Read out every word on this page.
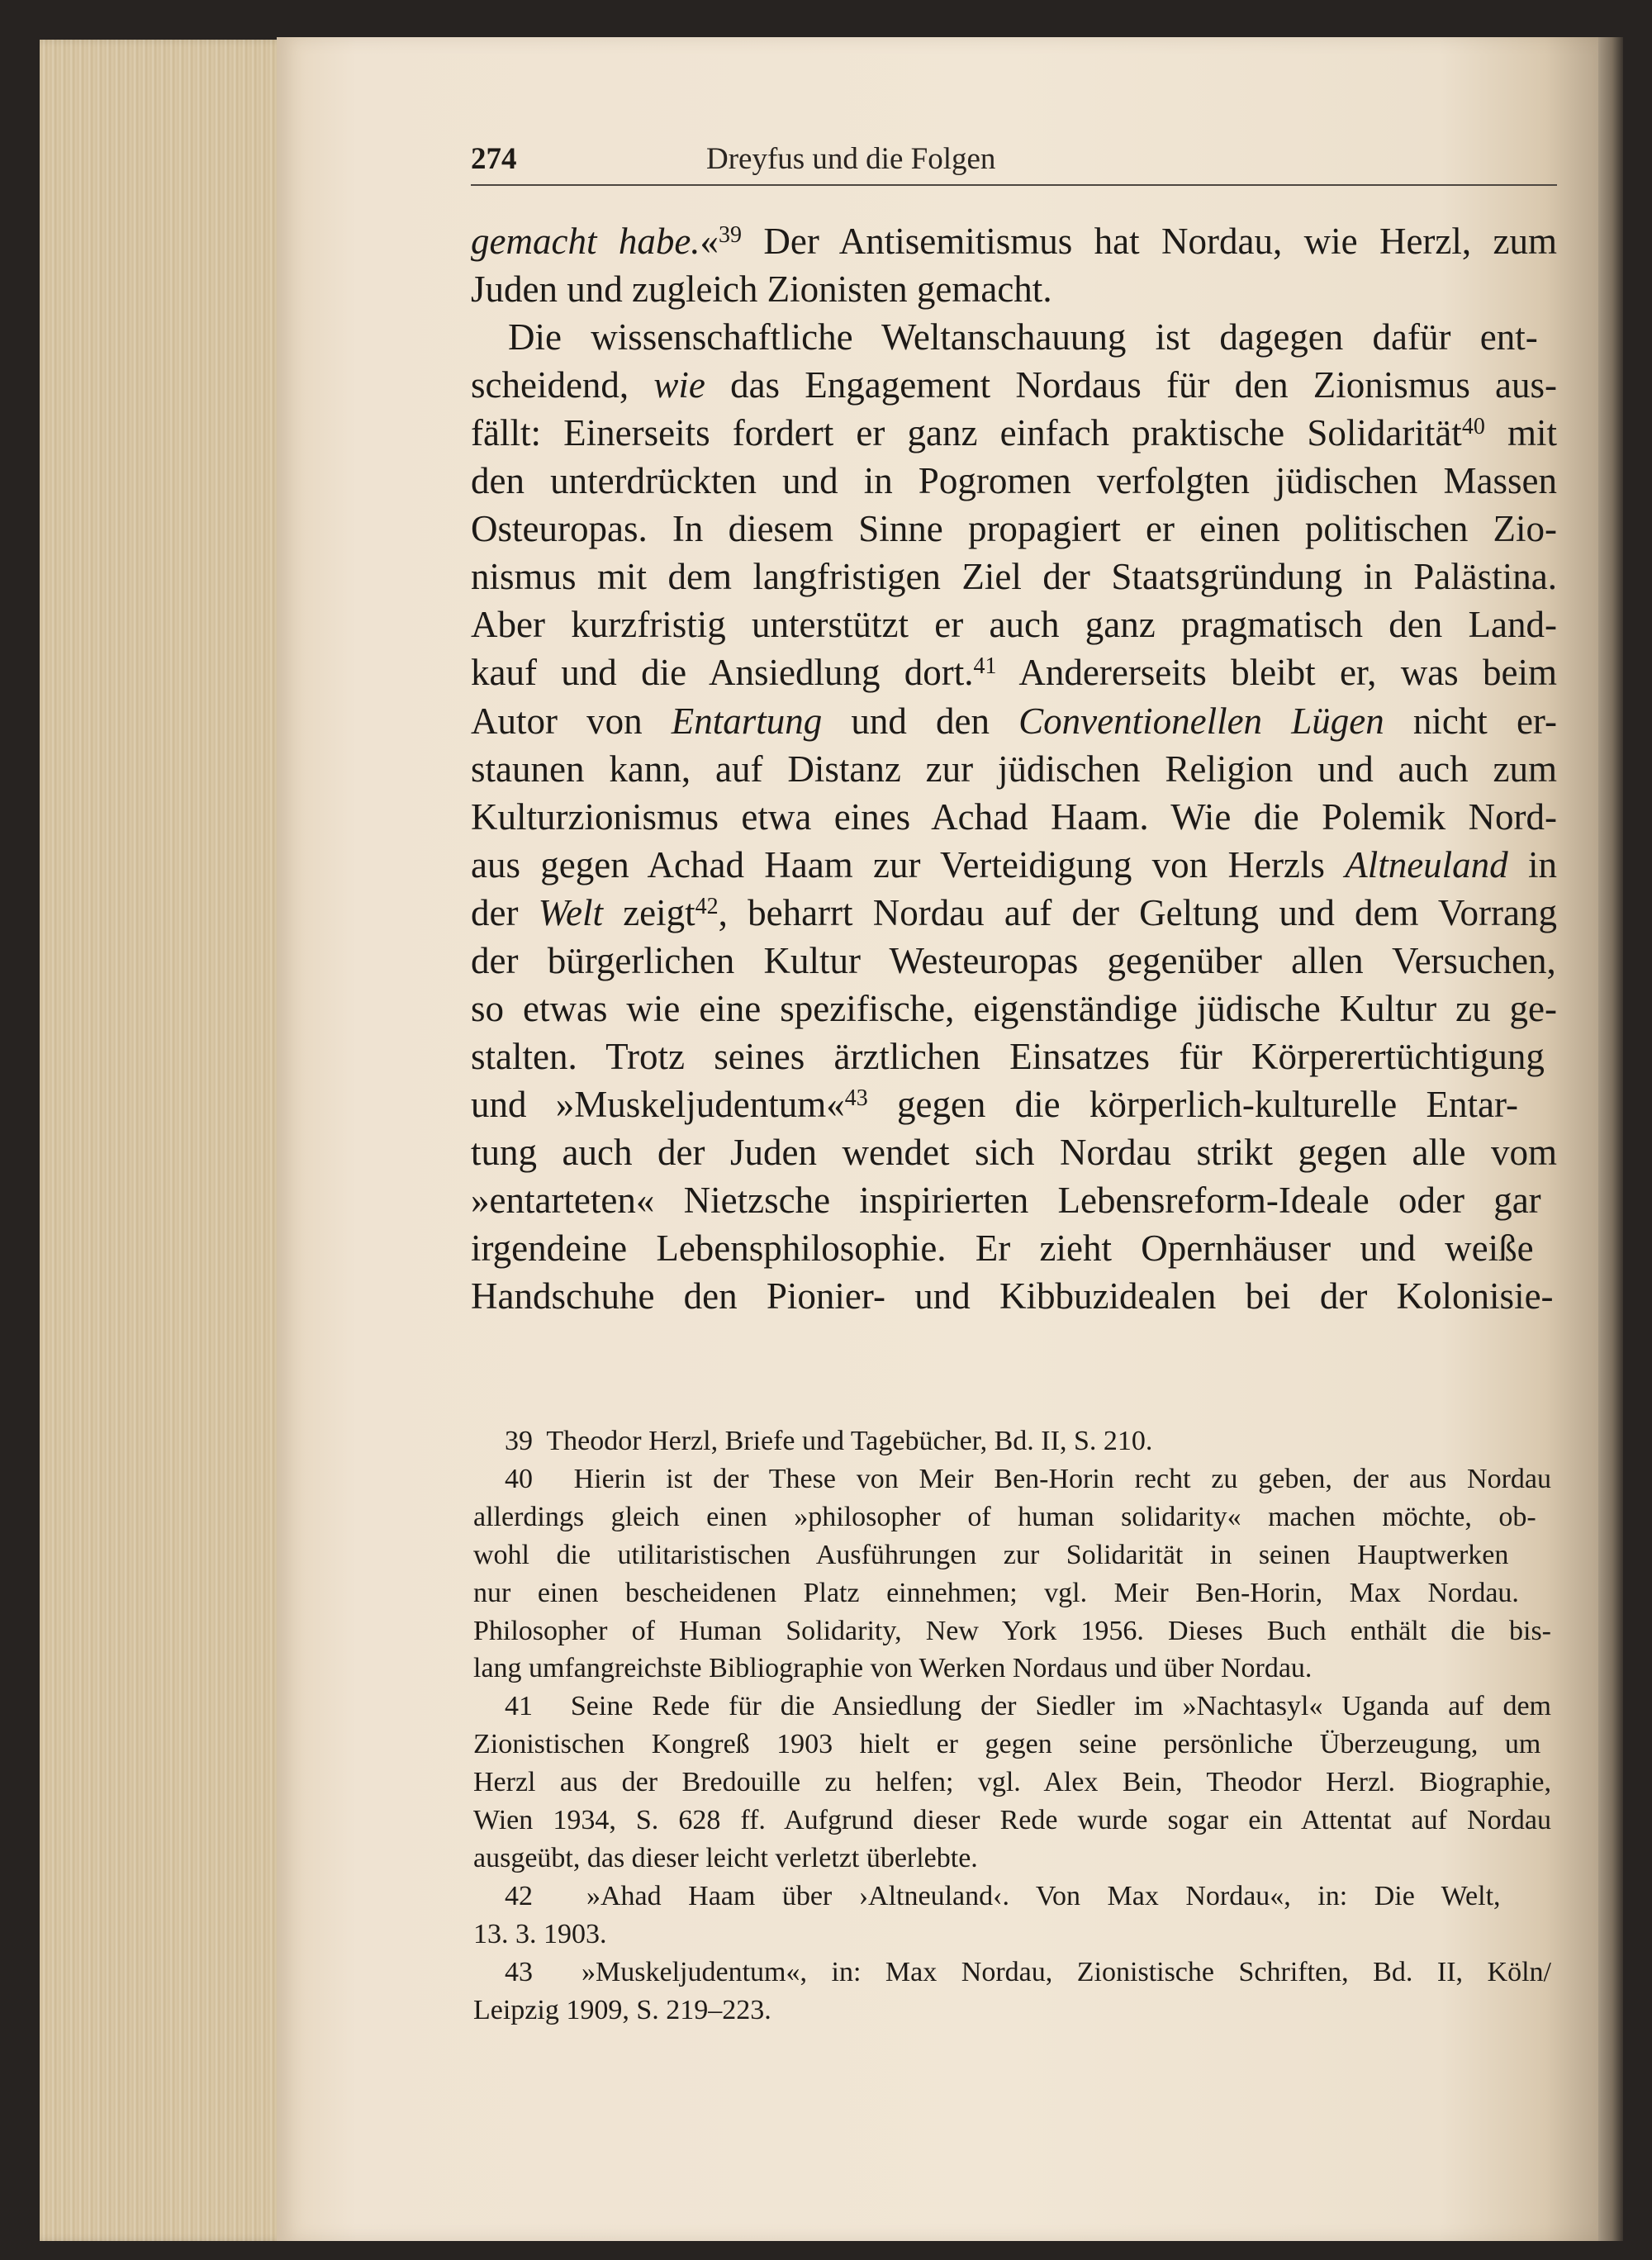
274	Dreyfus und die Folgen

gemacht habe.«$^{39}$ Der Antisemitismus hat Nordau, wie Herzl, zum

Juden und zugleich Zionisten gemacht.

Die wissenschaftliche Weltanschauung ist dagegen dafür ent-

scheidend, wie das Engagement Nordaus für den Zionismus aus-

fällt: Einerseits fordert er ganz einfach praktische Solidarität$^{40}$ mit

den unterdrückten und in Pogromen verfolgten jüdischen Massen

Osteuropas. In diesem Sinne propagiert er einen politischen Zio-

nismus mit dem langfristigen Ziel der Staatsgründung in Palästina.

Aber kurzfristig unterstützt er auch ganz pragmatisch den Land-

kauf und die Ansiedlung dort.$^{41}$ Andererseits bleibt er, was beim

Autor von Entartung und den Conventionellen Lügen nicht er-

staunen kann, auf Distanz zur jüdischen Religion und auch zum

Kulturzionismus etwa eines Achad Haam. Wie die Polemik Nord-

aus gegen Achad Haam zur Verteidigung von Herzls Altneuland in

der Welt zeigt$^{42}$, beharrt Nordau auf der Geltung und dem Vorrang

der bürgerlichen Kultur Westeuropas gegenüber allen Versuchen,

so etwas wie eine spezifische, eigenständige jüdische Kultur zu ge-

stalten. Trotz seines ärztlichen Einsatzes für Körperertüchtigung

und »Muskeljudentum«$^{43}$ gegen die körperlich-kulturelle Entar-

tung auch der Juden wendet sich Nordau strikt gegen alle vom

»entarteten« Nietzsche inspirierten Lebensreform-Ideale oder gar

irgendeine Lebensphilosophie. Er zieht Opernhäuser und weiße

Handschuhe den Pionier- und Kibbuzidealen bei der Kolonisie-

39  Theodor Herzl, Briefe und Tagebücher, Bd. II, S. 210.

40  Hierin ist der These von Meir Ben-Horin recht zu geben, der aus Nordau

allerdings gleich einen »philosopher of human solidarity« machen möchte, ob-

wohl die utilitaristischen Ausführungen zur Solidarität in seinen Hauptwerken

nur einen bescheidenen Platz einnehmen; vgl. Meir Ben-Horin, Max Nordau.

Philosopher of Human Solidarity, New York 1956. Dieses Buch enthält die bis-

lang umfangreichste Bibliographie von Werken Nordaus und über Nordau.

41  Seine Rede für die Ansiedlung der Siedler im »Nachtasyl« Uganda auf dem

Zionistischen Kongreß 1903 hielt er gegen seine persönliche Überzeugung, um

Herzl aus der Bredouille zu helfen; vgl. Alex Bein, Theodor Herzl. Biographie,

Wien 1934, S. 628 ff. Aufgrund dieser Rede wurde sogar ein Attentat auf Nordau

ausgeübt, das dieser leicht verletzt überlebte.

42  »Ahad Haam über ›Altneuland‹. Von Max Nordau«, in: Die Welt,

13. 3. 1903.

43  »Muskeljudentum«, in: Max Nordau, Zionistische Schriften, Bd. II, Köln/

Leipzig 1909, S. 219–223.
